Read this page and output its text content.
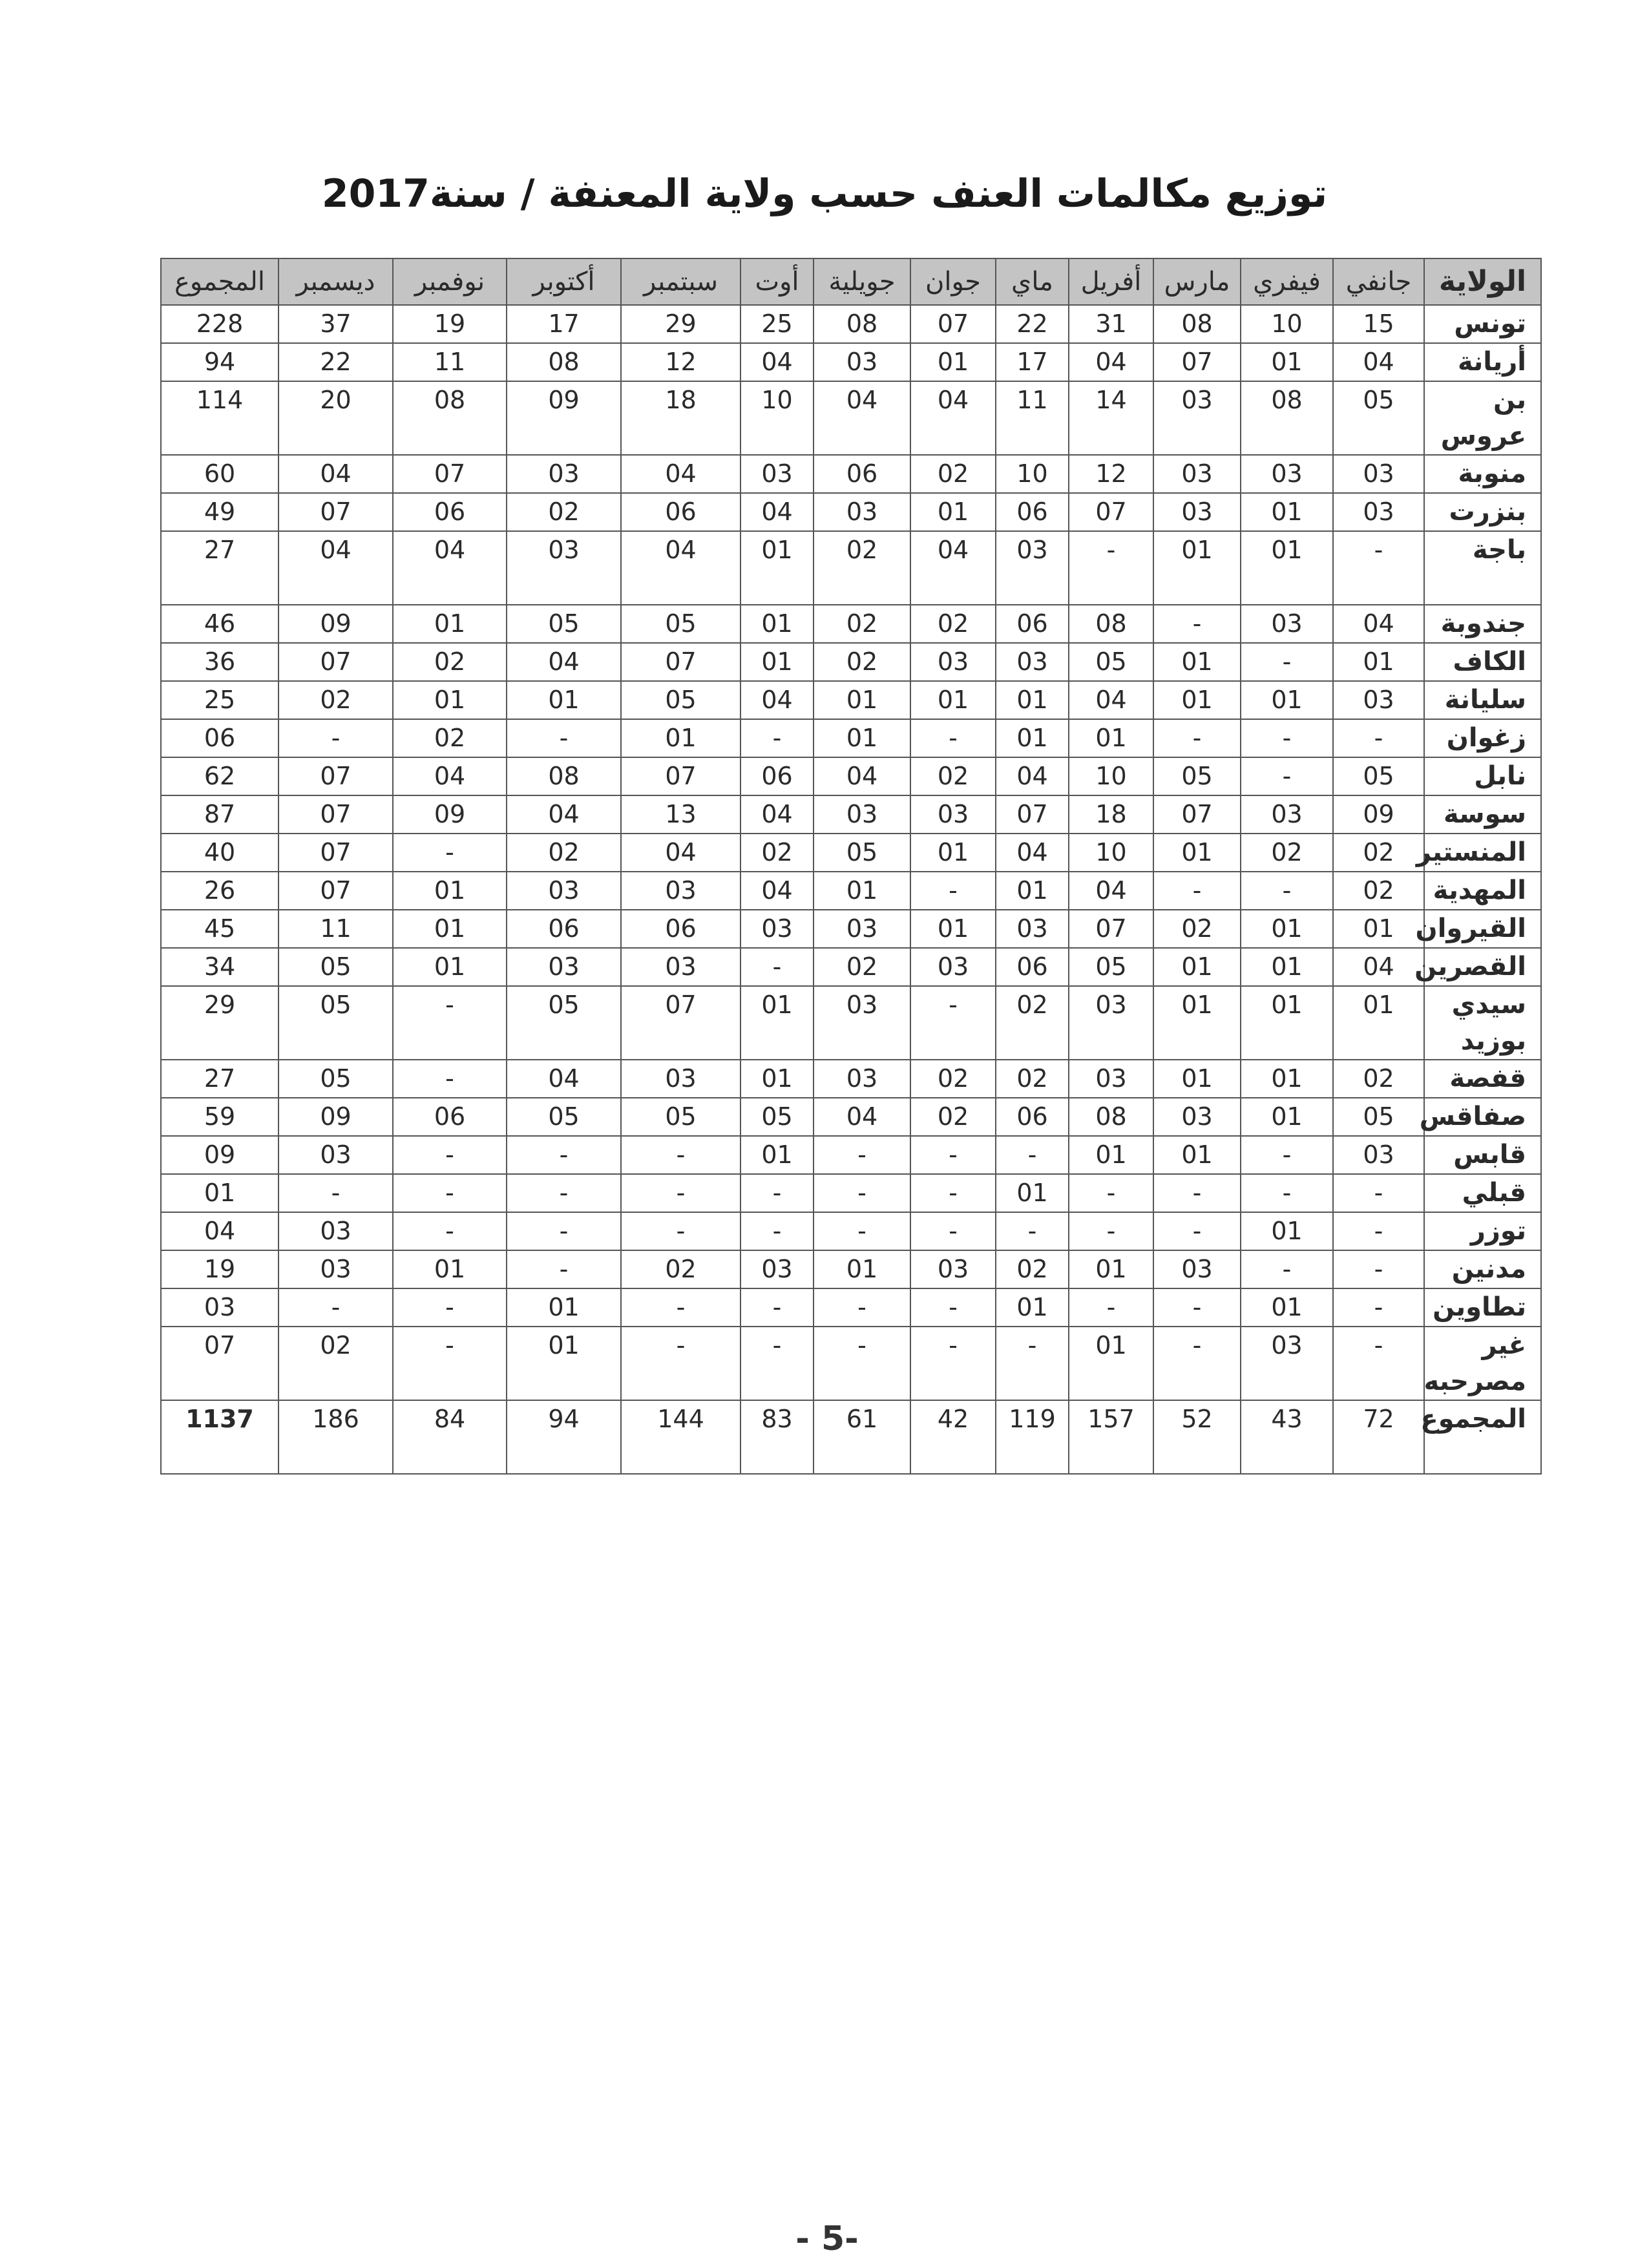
توزيع مكالمات العنف حسب ولاية المعنفة / سنة2017
الولاية	جانفي	فيفري	مارس	أفريل	ماي	جوان	جويلية	أوت	سبتمبر	أكتوبر	نوفمبر	ديسمبر	المجموع
تونس	15	10	08	31	22	07	08	25	29	17	19	37	228
أريانة	04	01	07	04	17	01	03	04	12	08	11	22	94
بن عروس	05	08	03	14	11	04	04	10	18	09	08	20	114
منوبة	03	03	03	12	10	02	06	03	04	03	07	04	60
بنزرت	03	01	03	07	06	01	03	04	06	02	06	07	49
باجة	-	01	01	-	03	04	02	01	04	03	04	04	27
جندوبة	04	03	-	08	06	02	02	01	05	05	01	09	46
الكاف	01	-	01	05	03	03	02	01	07	04	02	07	36
سليانة	03	01	01	04	01	01	01	04	05	01	01	02	25
زغوان	-	-	-	01	01	-	01	-	01	-	02	-	06
نابل	05	-	05	10	04	02	04	06	07	08	04	07	62
سوسة	09	03	07	18	07	03	03	04	13	04	09	07	87
المنستير	02	02	01	10	04	01	05	02	04	02	-	07	40
المهدية	02	-	-	04	01	-	01	04	03	03	01	07	26
القيروان	01	01	02	07	03	01	03	03	06	06	01	11	45
القصرين	04	01	01	05	06	03	02	-	03	03	01	05	34
سيدي بوزيد	01	01	01	03	02	-	03	01	07	05	-	05	29
قفصة	02	01	01	03	02	02	03	01	03	04	-	05	27
صفاقس	05	01	03	08	06	02	04	05	05	05	06	09	59
قابس	03	-	01	01	-	-	-	01	-	-	-	03	09
قبلي	-	-	-	-	01	-	-	-	-	-	-	-	01
توزر	-	01	-	-	-	-	-	-	-	-	-	03	04
مدنين	-	-	03	01	02	03	01	03	02	-	01	03	19
تطاوين	-	01	-	-	01	-	-	-	-	01	-	-	03
غير مصرحبه	-	03	-	01	-	-	-	-	-	01	-	02	07
المجموع	72	43	52	157	119	42	61	83	144	94	84	186	1137
- 5-
